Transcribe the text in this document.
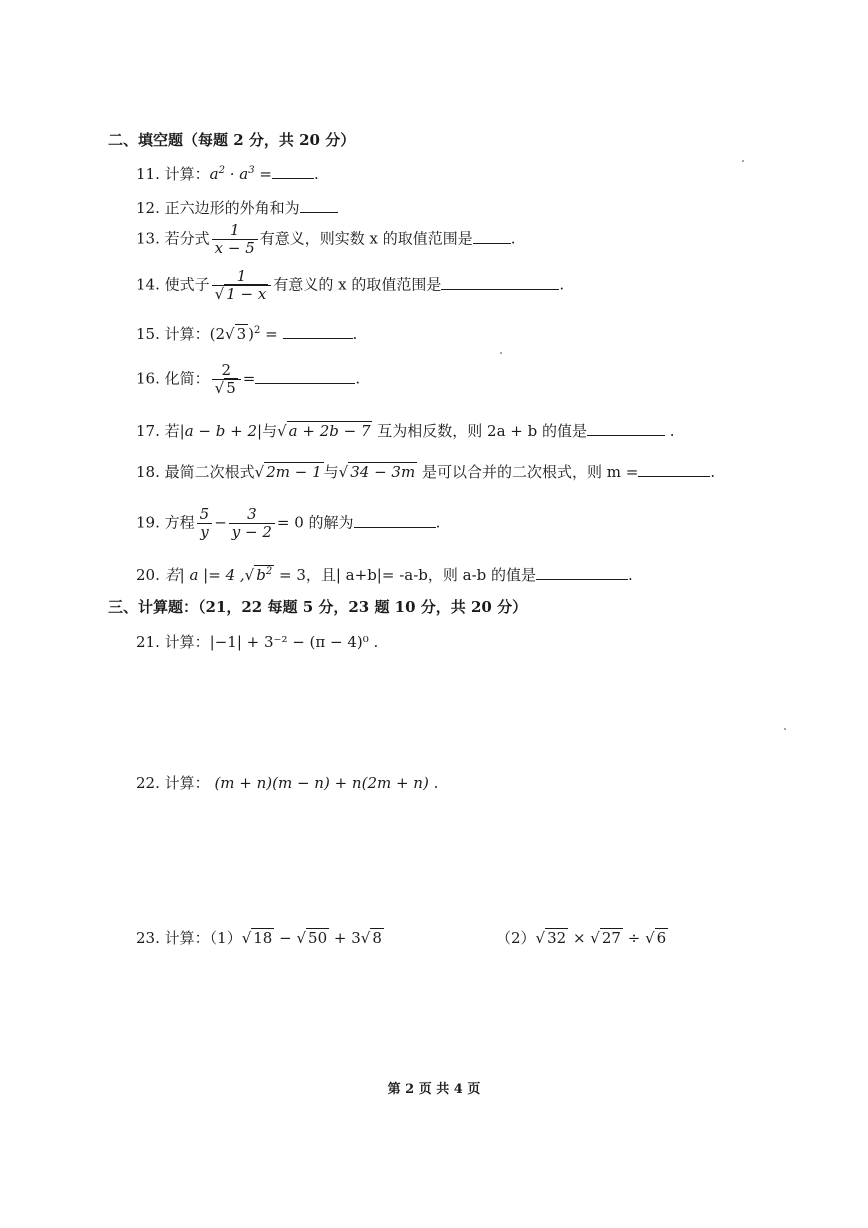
二、填空题（每题 2 分，共 20 分）
11. 计算：$a^2 \cdot a^3$ =	.
12. 正六边形的外角和为
13. 若分式 $\frac{1}{x - 5}$ 有意义，则实数 x 的取值范围是	.
14. 使式子 $\frac{1}{√ 1 - x}$ 有意义的 x 的取值范围是	.
15. 计算：(2√ 3 )$^2$ =	.
16. 化简： $\frac{2}{√ 5}$ =	.
17. 若|a − b + 2|与√ a + 2b − 7 互为相反数，则 2a + b 的值是	.
18. 最简二次根式√ 2m − 1 与√ 34 − 3m 是可以合并的二次根式，则 m =	.
19. 方程 $\frac{5}{y} - \frac{3}{y - 2} = 0$ 的解为	.
20. 若| a |= 4 ,√ $b^2 = 3$，且| a+b|= -a-b，则 a-b 的值是	.
三、计算题：（21，22 每题 5 分，23 题 10 分，共 20 分）
21. 计算：|−1| + 3⁻² − (π − 4)⁰ .
22. 计算： (m + n)(m − n) + n(2m + n) .
23. 计算：（1）√ 18 − √ 50 + 3√ 8	（2）√ 32 × √ 27 ÷ √ 6
第 2 页 共 4 页
